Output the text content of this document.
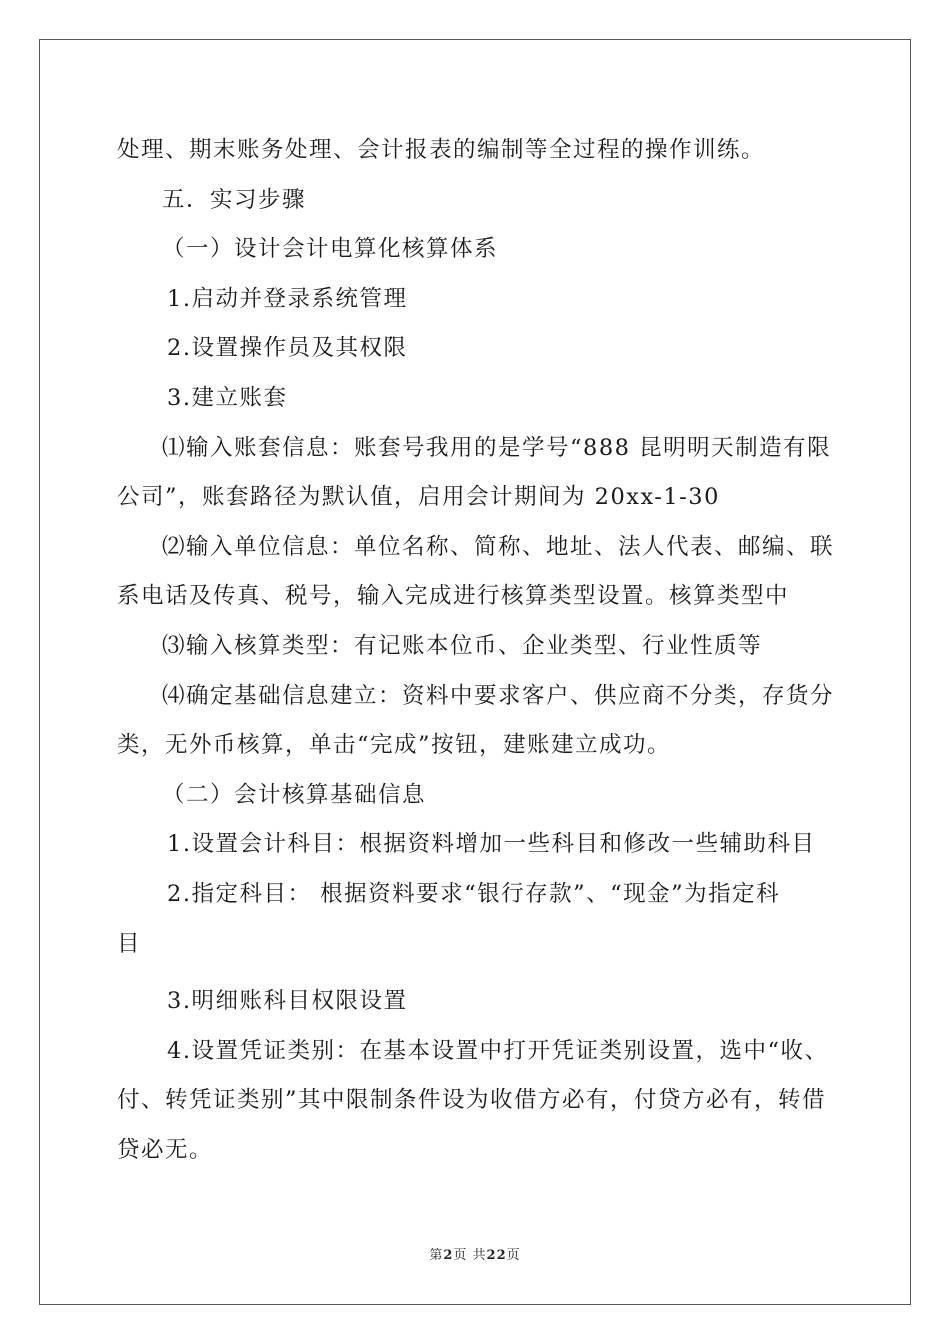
处理、期末账务处理、会计报表的编制等全过程的操作训练。

五．实习步骤

（一）设计会计电算化核算体系

1.启动并登录系统管理

2.设置操作员及其权限

3.建立账套

⑴输入账套信息：账套号我用的是学号“888 昆明明天制造有限

公司”，账套路径为默认值，启用会计期间为 20xx-1-30

⑵输入单位信息：单位名称、简称、地址、法人代表、邮编、联

系电话及传真、税号，输入完成进行核算类型设置。核算类型中

⑶输入核算类型：有记账本位币、企业类型、行业性质等

⑷确定基础信息建立：资料中要求客户、供应商不分类，存货分

类，无外币核算，单击“完成”按钮，建账建立成功。

（二）会计核算基础信息

1.设置会计科目：根据资料增加一些科目和修改一些辅助科目

2.指定科目： 根据资料要求“银行存款”、“现金”为指定科

目

3.明细账科目权限设置

4.设置凭证类别：在基本设置中打开凭证类别设置，选中“收、

付、转凭证类别”其中限制条件设为收借方必有，付贷方必有，转借

贷必无。

第2页 共22页
